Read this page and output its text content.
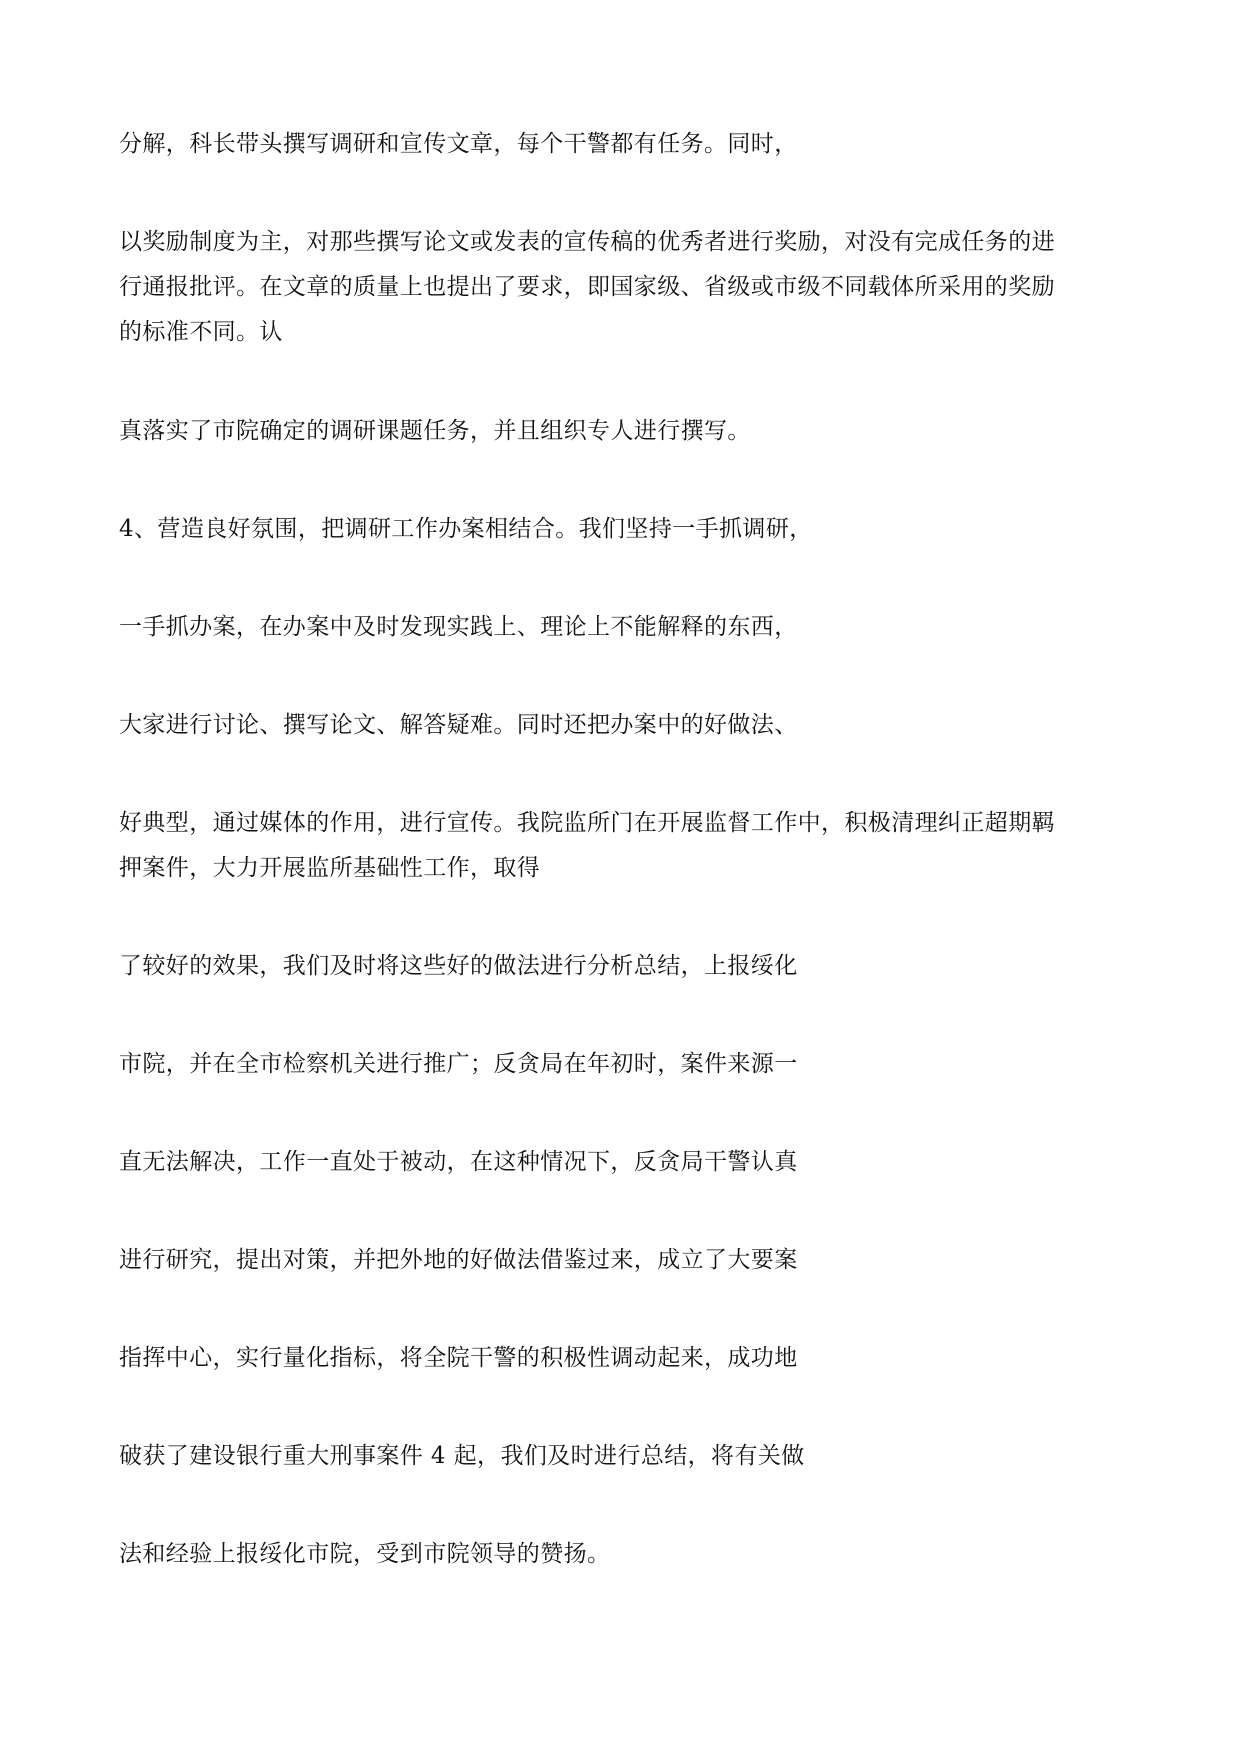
分解，科长带头撰写调研和宣传文章，每个干警都有任务。同时，

以奖励制度为主，对那些撰写论文或发表的宣传稿的优秀者进行奖励，对没有完成任务的进

行通报批评。在文章的质量上也提出了要求，即国家级、省级或市级不同载体所采用的奖励

的标准不同。认

真落实了市院确定的调研课题任务，并且组织专人进行撰写。

4、营造良好氛围，把调研工作办案相结合。我们坚持一手抓调研，

一手抓办案，在办案中及时发现实践上、理论上不能解释的东西，

大家进行讨论、撰写论文、解答疑难。同时还把办案中的好做法、

好典型，通过媒体的作用，进行宣传。我院监所门在开展监督工作中，积极清理纠正超期羁

押案件，大力开展监所基础性工作，取得

了较好的效果，我们及时将这些好的做法进行分析总结，上报绥化

市院，并在全市检察机关进行推广；反贪局在年初时，案件来源一

直无法解决，工作一直处于被动，在这种情况下，反贪局干警认真

进行研究，提出对策，并把外地的好做法借鉴过来，成立了大要案

指挥中心，实行量化指标，将全院干警的积极性调动起来，成功地

破获了建设银行重大刑事案件 4 起，我们及时进行总结，将有关做

法和经验上报绥化市院，受到市院领导的赞扬。
